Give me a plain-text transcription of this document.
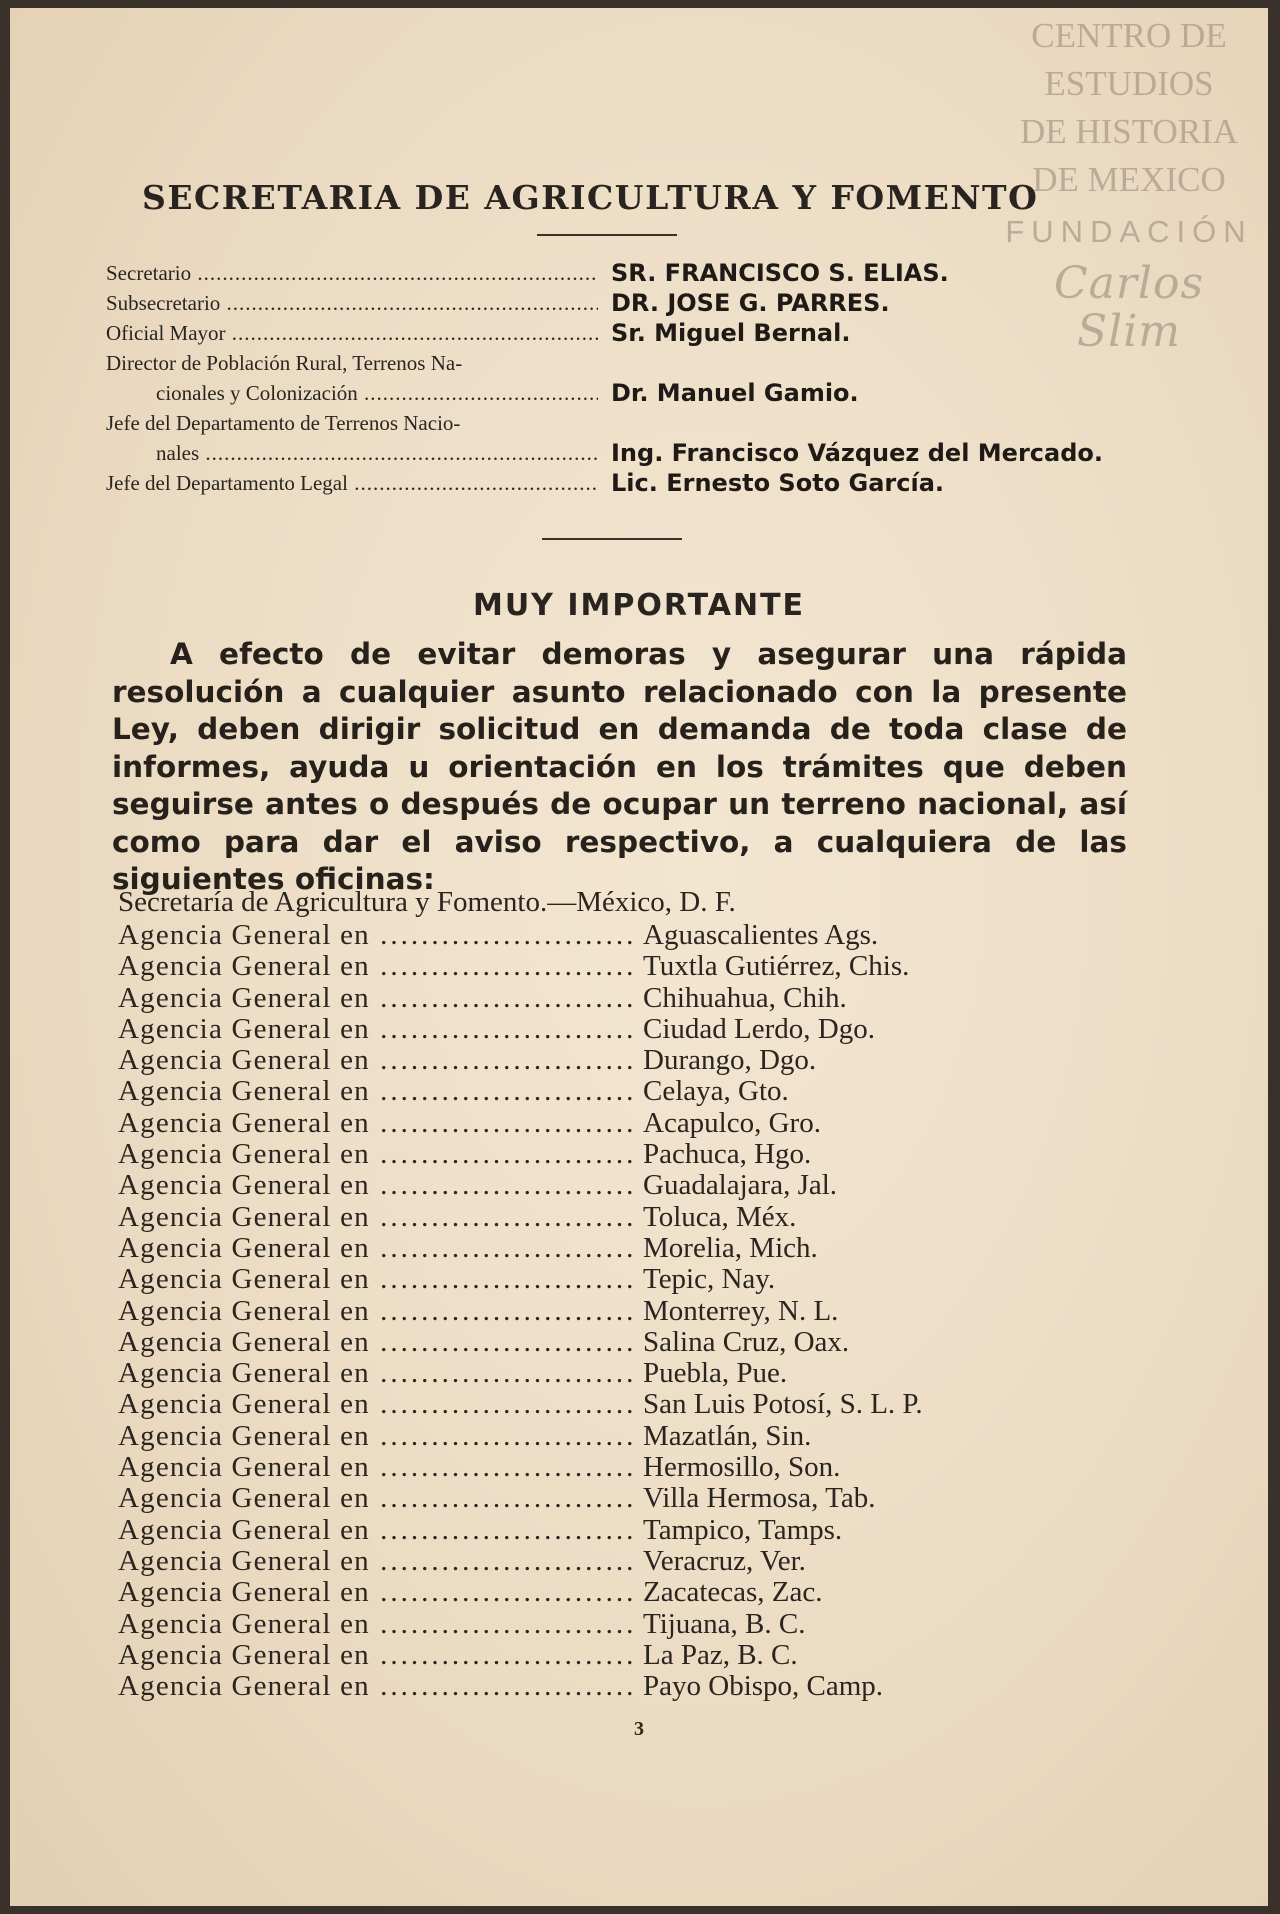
CENTRO DE
ESTUDIOS
DE HISTORIA
DE MEXICO
FUNDACIÓN
Carlos Slim
SECRETARIA DE AGRICULTURA Y FOMENTO
Secretario .....	SR. FRANCISCO S. ELIAS.
Subsecretario .....	DR. JOSE G. PARRES.
Oficial Mayor .....	Sr. Miguel Bernal.
Director de Población Rural, Terrenos Na-
cionales y Colonización .....	Dr. Manuel Gamio.
Jefe del Departamento de Terrenos Nacio-
nales .....	Ing. Francisco Vázquez del Mercado.
Jefe del Departamento Legal .....	Lic. Ernesto Soto García.
MUY IMPORTANTE
A efecto de evitar demoras y asegurar una rápida resolución a cualquier asunto relacionado con la presente Ley, deben dirigir solicitud en demanda de toda clase de informes, ayuda u orientación en los trámites que deben seguirse antes o después de ocupar un terreno nacional, así como para dar el aviso respectivo, a cualquiera de las siguientes oficinas:
Secretaría de Agricultura y Fomento.—México, D. F.
Agencia General en .....	Aguascalientes Ags.
Agencia General en .....	Tuxtla Gutiérrez, Chis.
Agencia General en .....	Chihuahua, Chih.
Agencia General en .....	Ciudad Lerdo, Dgo.
Agencia General en .....	Durango, Dgo.
Agencia General en .....	Celaya, Gto.
Agencia General en .....	Acapulco, Gro.
Agencia General en .....	Pachuca, Hgo.
Agencia General en .....	Guadalajara, Jal.
Agencia General en .....	Toluca, Méx.
Agencia General en .....	Morelia, Mich.
Agencia General en .....	Tepic, Nay.
Agencia General en .....	Monterrey, N. L.
Agencia General en .....	Salina Cruz, Oax.
Agencia General en .....	Puebla, Pue.
Agencia General en .....	San Luis Potosí, S. L. P.
Agencia General en .....	Mazatlán, Sin.
Agencia General en .....	Hermosillo, Son.
Agencia General en .....	Villa Hermosa, Tab.
Agencia General en .....	Tampico, Tamps.
Agencia General en .....	Veracruz, Ver.
Agencia General en .....	Zacatecas, Zac.
Agencia General en .....	Tijuana, B. C.
Agencia General en .....	La Paz, B. C.
Agencia General en .....	Payo Obispo, Camp.
3
